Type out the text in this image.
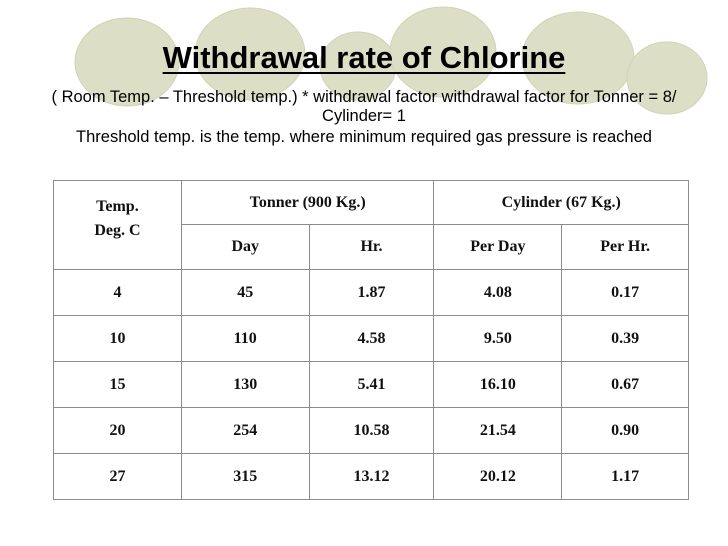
Withdrawal rate of Chlorine

( Room Temp. – Threshold temp.) * withdrawal factor withdrawal factor for Tonner = 8/ Cylinder= 1

Threshold temp. is the temp. where minimum required gas pressure is reached

Temp.
Deg. C	Tonner (900 Kg.)		Cylinder (67 Kg.)	
	Day	Hr.	Per Day	Per Hr.
4	45	1.87	4.08	0.17
10	110	4.58	9.50	0.39
15	130	5.41	16.10	0.67
20	254	10.58	21.54	0.90
27	315	13.12	20.12	1.17
